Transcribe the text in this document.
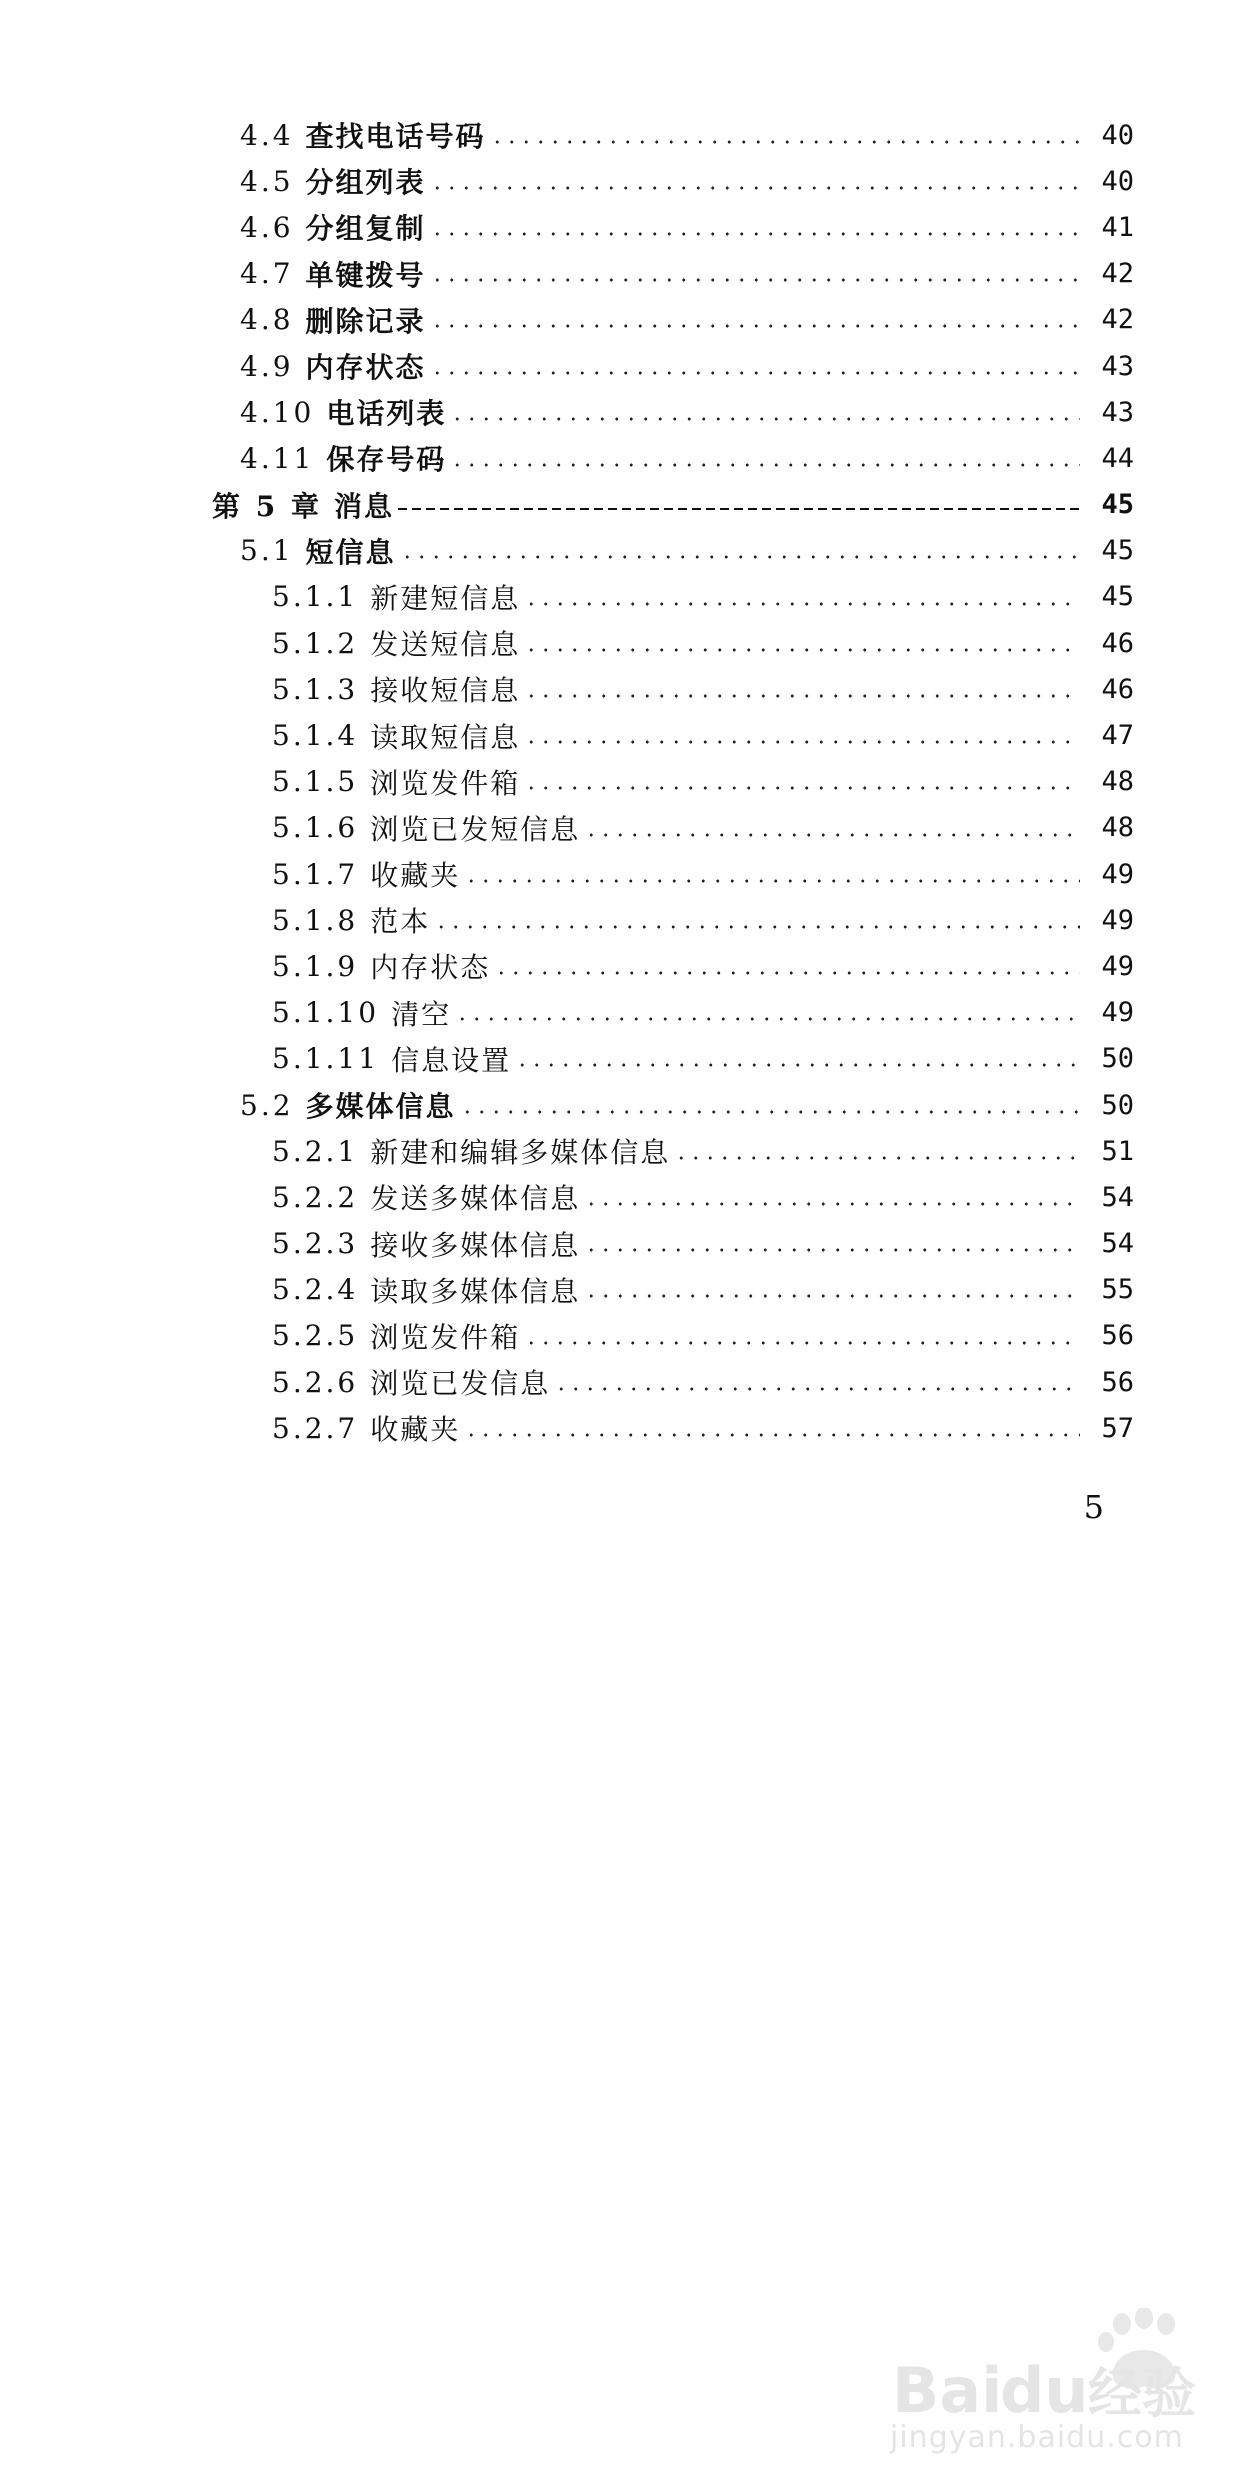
4.4 查找电话号码	40
4.5 分组列表	40
4.6 分组复制	41
4.7 单键拨号	42
4.8 删除记录	42
4.9 内存状态	43
4.10 电话列表	43
4.11 保存号码	44
第 5 章 消息	45
5.1 短信息	45
5.1.1 新建短信息	45
5.1.2 发送短信息	46
5.1.3 接收短信息	46
5.1.4 读取短信息	47
5.1.5 浏览发件箱	48
5.1.6 浏览已发短信息	48
5.1.7 收藏夹	49
5.1.8 范本	49
5.1.9 内存状态	49
5.1.10 清空	49
5.1.11 信息设置	50
5.2 多媒体信息	50
5.2.1 新建和编辑多媒体信息	51
5.2.2 发送多媒体信息	54
5.2.3 接收多媒体信息	54
5.2.4 读取多媒体信息	55
5.2.5 浏览发件箱	56
5.2.6 浏览已发信息	56
5.2.7 收藏夹	57
5
Bai
du 经验
jingyan.baidu.com
